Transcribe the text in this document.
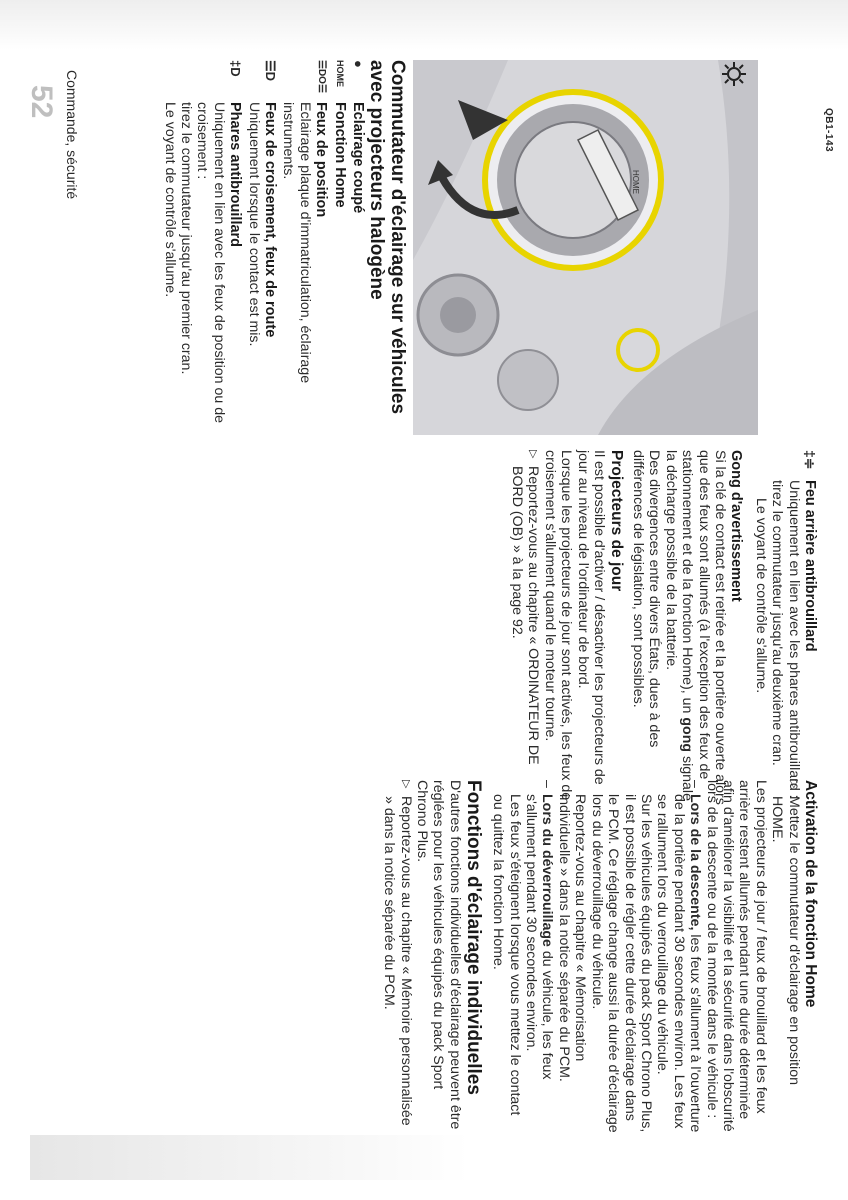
HOME
QB1-143

Commutateur d'éclairage sur véhicules avec projecteurs halogène

●
Eclairage coupé
HOME
Fonction Home
☰DO☰
Feux de position
Eclairage plaque d'immatriculation, éclairage instruments.
☰D
Feux de croisement, feux de route
Uniquement lorsque le contact est mis.
‡D
Phares antibrouillard
Uniquement en lien avec les feux de position ou de croisement :
tirez le commutateur jusqu'au premier cran.
Le voyant de contrôle s'allume.
‡≑
Feu arrière antibrouillard
Uniquement en lien avec les phares antibrouillard :
tirez le commutateur jusqu'au deuxième cran.
Le voyant de contrôle s'allume.

Gong d'avertissement

Si la clé de contact est retirée et la portière ouverte alors que des feux sont allumés (à l'exception des feux de stationnement et de la fonction Home), un gong signale la décharge possible de la batterie.

Des divergences entre divers États, dues à des différences de législation, sont possibles.

Projecteurs de jour

Il est possible d'activer / désactiver les projecteurs de jour au niveau de l'ordinateur de bord.

Lorsque les projecteurs de jour sont activés, les feux de croisement s'allument quand le moteur tourne.

▷ Reportez-vous au chapitre « ORDINATEUR DE BORD (OB) » à la page 92.

Activation de la fonction Home

▷ Mettez le commutateur d'éclairage en position HOME.

Les projecteurs de jour / feux de brouillard et les feux arrière restent allumés pendant une durée déterminée afin d'améliorer la visibilité et la sécurité dans l'obscurité lors de la descente ou de la montée dans le véhicule :

– Lors de la descente, les feux s'allument à l'ouverture de la portière pendant 30 secondes environ. Les feux se rallument lors du verrouillage du véhicule.
Sur les véhicules équipés du pack Sport Chrono Plus, il est possible de régler cette durée d'éclairage dans le PCM. Ce réglage change aussi la durée d'éclairage lors du déverrouillage du véhicule.
Reportez-vous au chapitre « Mémorisation individuelle » dans la notice séparée du PCM.
– Lors du déverrouillage du véhicule, les feux s'allument pendant 30 secondes environ.
Les feux s'éteignent lorsque vous mettez le contact ou quittez la fonction Home.

Fonctions d'éclairage individuelles

D'autres fonctions individuelles d'éclairage peuvent être réglées pour les véhicules équipés du pack Sport Chrono Plus.

▷ Reportez-vous au chapitre « Mémoire personnalisée » dans la notice séparée du PCM.

Commande, sécurité
52
